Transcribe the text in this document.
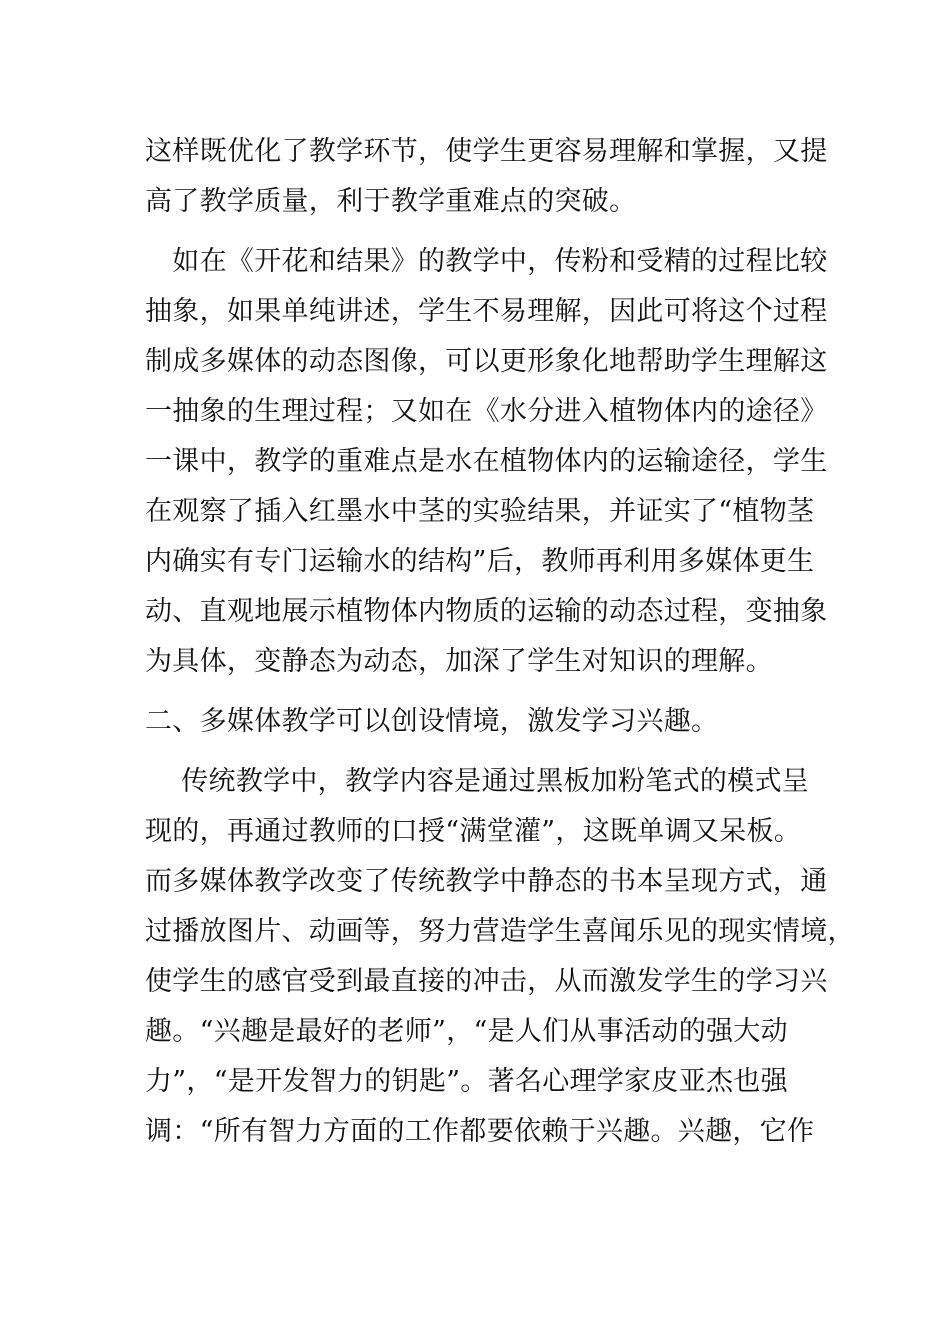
这样既优化了教学环节，使学生更容易理解和掌握，又提
高了教学质量，利于教学重难点的突破。
　如在《开花和结果》的教学中，传粉和受精的过程比较
抽象，如果单纯讲述，学生不易理解，因此可将这个过程
制成多媒体的动态图像，可以更形象化地帮助学生理解这
一抽象的生理过程；又如在《水分进入植物体内的途径》
一课中，教学的重难点是水在植物体内的运输途径，学生
在观察了插入红墨水中茎的实验结果，并证实了“植物茎
内确实有专门运输水的结构”后，教师再利用多媒体更生
动、直观地展示植物体内物质的运输的动态过程，变抽象
为具体，变静态为动态，加深了学生对知识的理解。
二、多媒体教学可以创设情境，激发学习兴趣。
　 传统教学中，教学内容是通过黑板加粉笔式的模式呈
现的，再通过教师的口授“满堂灌”，这既单调又呆板。
而多媒体教学改变了传统教学中静态的书本呈现方式，通
过播放图片、动画等，努力营造学生喜闻乐见的现实情境，
使学生的感官受到最直接的冲击，从而激发学生的学习兴
趣。“兴趣是最好的老师”，“是人们从事活动的强大动
力”，“是开发智力的钥匙”。著名心理学家皮亚杰也强
调：“所有智力方面的工作都要依赖于兴趣。兴趣，它作
